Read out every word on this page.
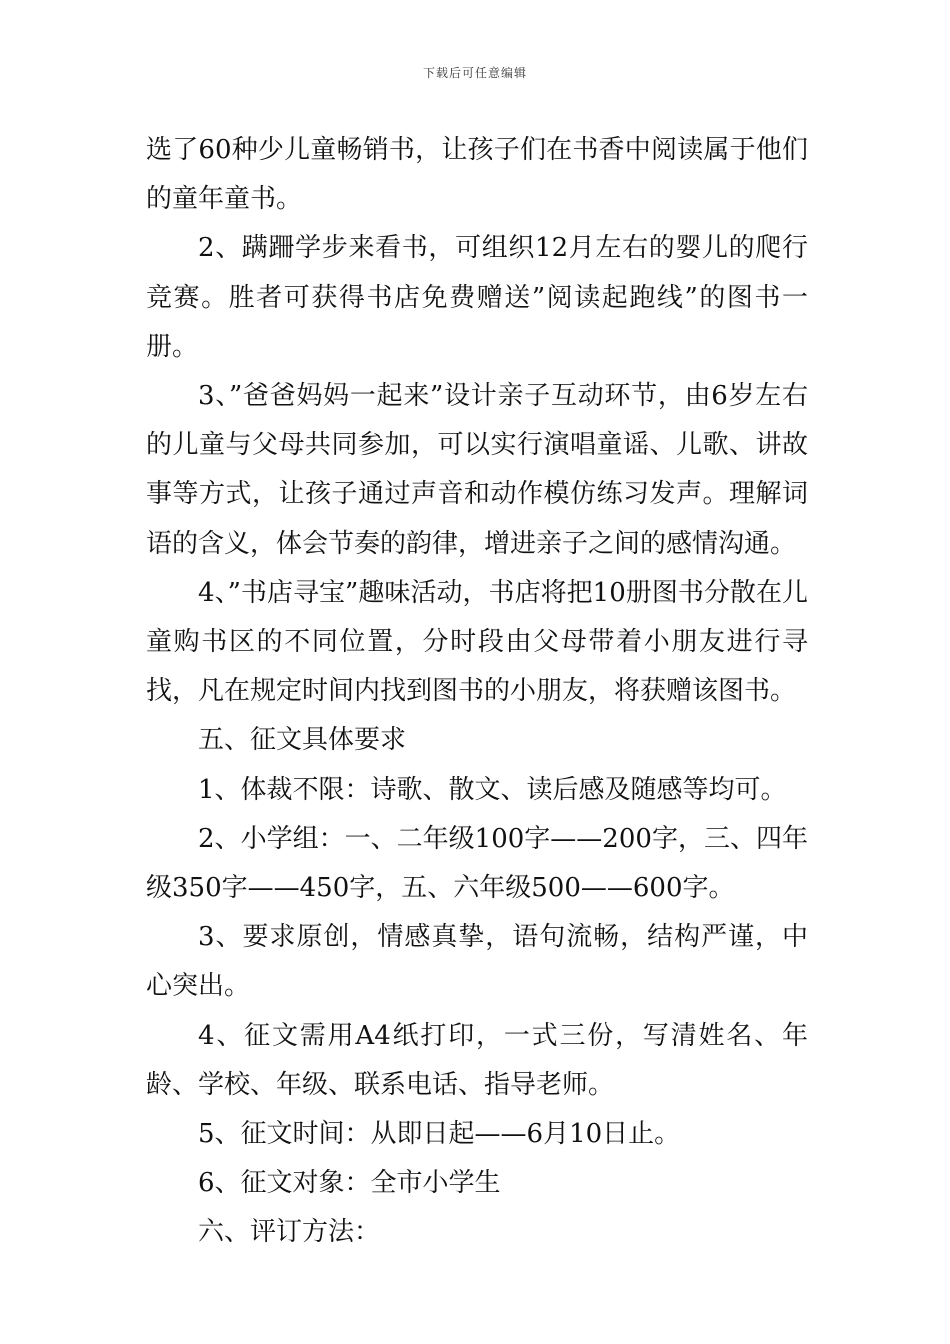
下载后可任意编辑

选了60种少儿童畅销书，让孩子们在书香中阅读属于他们的童年童书。

2、蹒跚学步来看书，可组织12月左右的婴儿的爬行竞赛。胜者可获得书店免费赠送”阅读起跑线”的图书一册。

3、”爸爸妈妈一起来”设计亲子互动环节，由6岁左右的儿童与父母共同参加，可以实行演唱童谣、儿歌、讲故事等方式，让孩子通过声音和动作模仿练习发声。理解词语的含义，体会节奏的韵律，增进亲子之间的感情沟通。

4、”书店寻宝”趣味活动，书店将把10册图书分散在儿童购书区的不同位置，分时段由父母带着小朋友进行寻找，凡在规定时间内找到图书的小朋友，将获赠该图书。

五、征文具体要求

1、体裁不限：诗歌、散文、读后感及随感等均可。

2、小学组：一、二年级100字——200字，三、四年级350字——450字，五、六年级500——600字。

3、要求原创，情感真挚，语句流畅，结构严谨，中心突出。

4、征文需用A4纸打印，一式三份，写清姓名、年龄、学校、年级、联系电话、指导老师。

5、征文时间：从即日起——6月10日止。

6、征文对象：全市小学生

六、评订方法：
